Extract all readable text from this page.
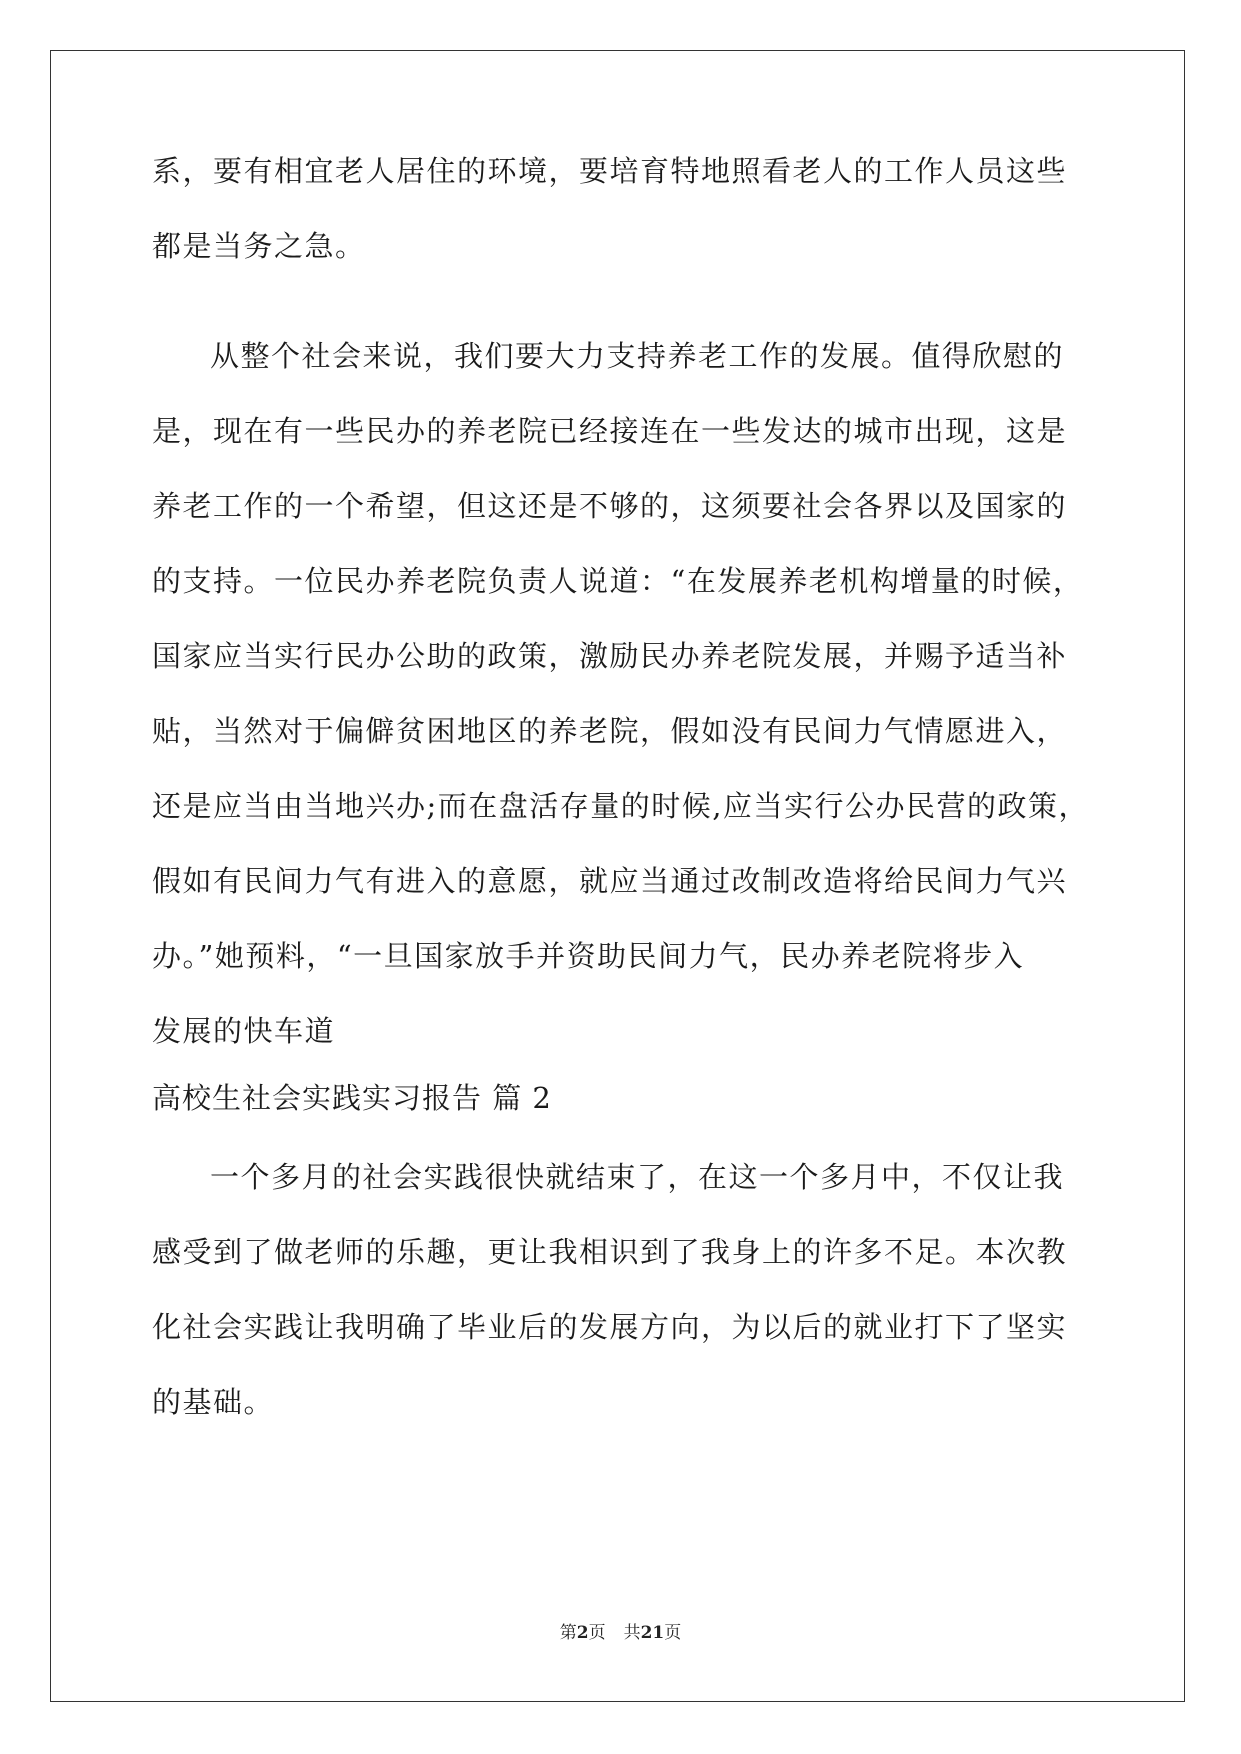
系，要有相宜老人居住的环境，要培育特地照看老人的工作人员这些
都是当务之急。
从整个社会来说，我们要大力支持养老工作的发展。值得欣慰的
是，现在有一些民办的养老院已经接连在一些发达的城市出现，这是
养老工作的一个希望，但这还是不够的，这须要社会各界以及国家的
的支持。一位民办养老院负责人说道：“在发展养老机构增量的时候，
国家应当实行民办公助的政策，激励民办养老院发展，并赐予适当补
贴，当然对于偏僻贫困地区的养老院，假如没有民间力气情愿进入，
还是应当由当地兴办;而在盘活存量的时候,应当实行公办民营的政策，
假如有民间力气有进入的意愿，就应当通过改制改造将给民间力气兴
办。”她预料，“一旦国家放手并资助民间力气，民办养老院将步入
发展的快车道
高校生社会实践实习报告 篇 2
一个多月的社会实践很快就结束了，在这一个多月中，不仅让我
感受到了做老师的乐趣，更让我相识到了我身上的许多不足。本次教
化社会实践让我明确了毕业后的发展方向，为以后的就业打下了坚实
的基础。
第2页 共21页
